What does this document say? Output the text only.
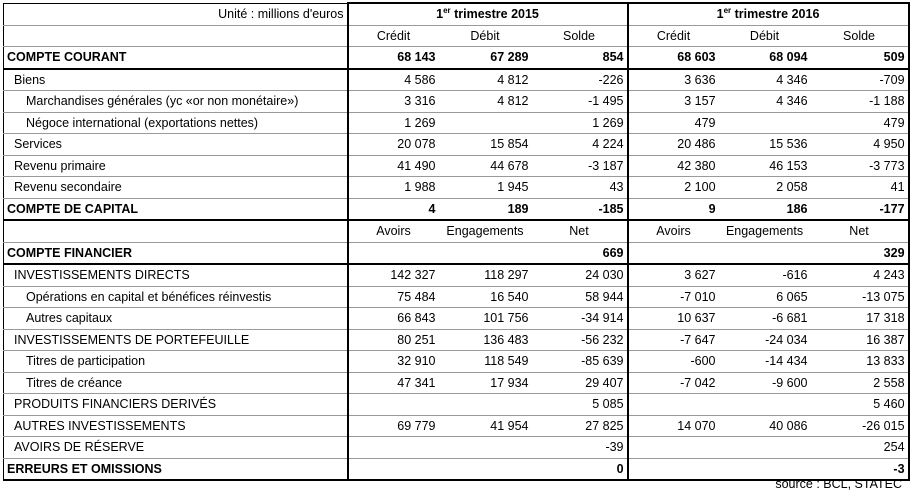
Unité : millions d'euros	1er trimestre 2015			1er trimestre 2016		
	Crédit	Débit	Solde	Crédit	Débit	Solde
COMPTE COURANT	68 143	67 289	854	68 603	68 094	509
Biens	4 586	4 812	-226	3 636	4 346	-709
Marchandises générales (yc «or non monétaire»)	3 316	4 812	-1 495	3 157	4 346	-1 188
Négoce international (exportations nettes)	1 269		1 269	479		479
Services	20 078	15 854	4 224	20 486	15 536	4 950
Revenu primaire	41 490	44 678	-3 187	42 380	46 153	-3 773
Revenu secondaire	1 988	1 945	43	2 100	2 058	41
COMPTE DE CAPITAL	4	189	-185	9	186	-177
	Avoirs	Engagements	Net	Avoirs	Engagements	Net
COMPTE FINANCIER			669			329
INVESTISSEMENTS DIRECTS	142 327	118 297	24 030	3 627	-616	4 243
Opérations en capital et bénéfices réinvestis	75 484	16 540	58 944	-7 010	6 065	-13 075
Autres capitaux	66 843	101 756	-34 914	10 637	-6 681	17 318
INVESTISSEMENTS DE PORTEFEUILLE	80 251	136 483	-56 232	-7 647	-24 034	16 387
Titres de participation	32 910	118 549	-85 639	-600	-14 434	13 833
Titres de créance	47 341	17 934	29 407	-7 042	-9 600	2 558
PRODUITS FINANCIERS DERIVÉS			5 085			5 460
AUTRES INVESTISSEMENTS	69 779	41 954	27 825	14 070	40 086	-26 015
AVOIRS DE RÉSERVE			-39			254
ERREURS ET OMISSIONS			0			-3
source : BCL, STATEC
